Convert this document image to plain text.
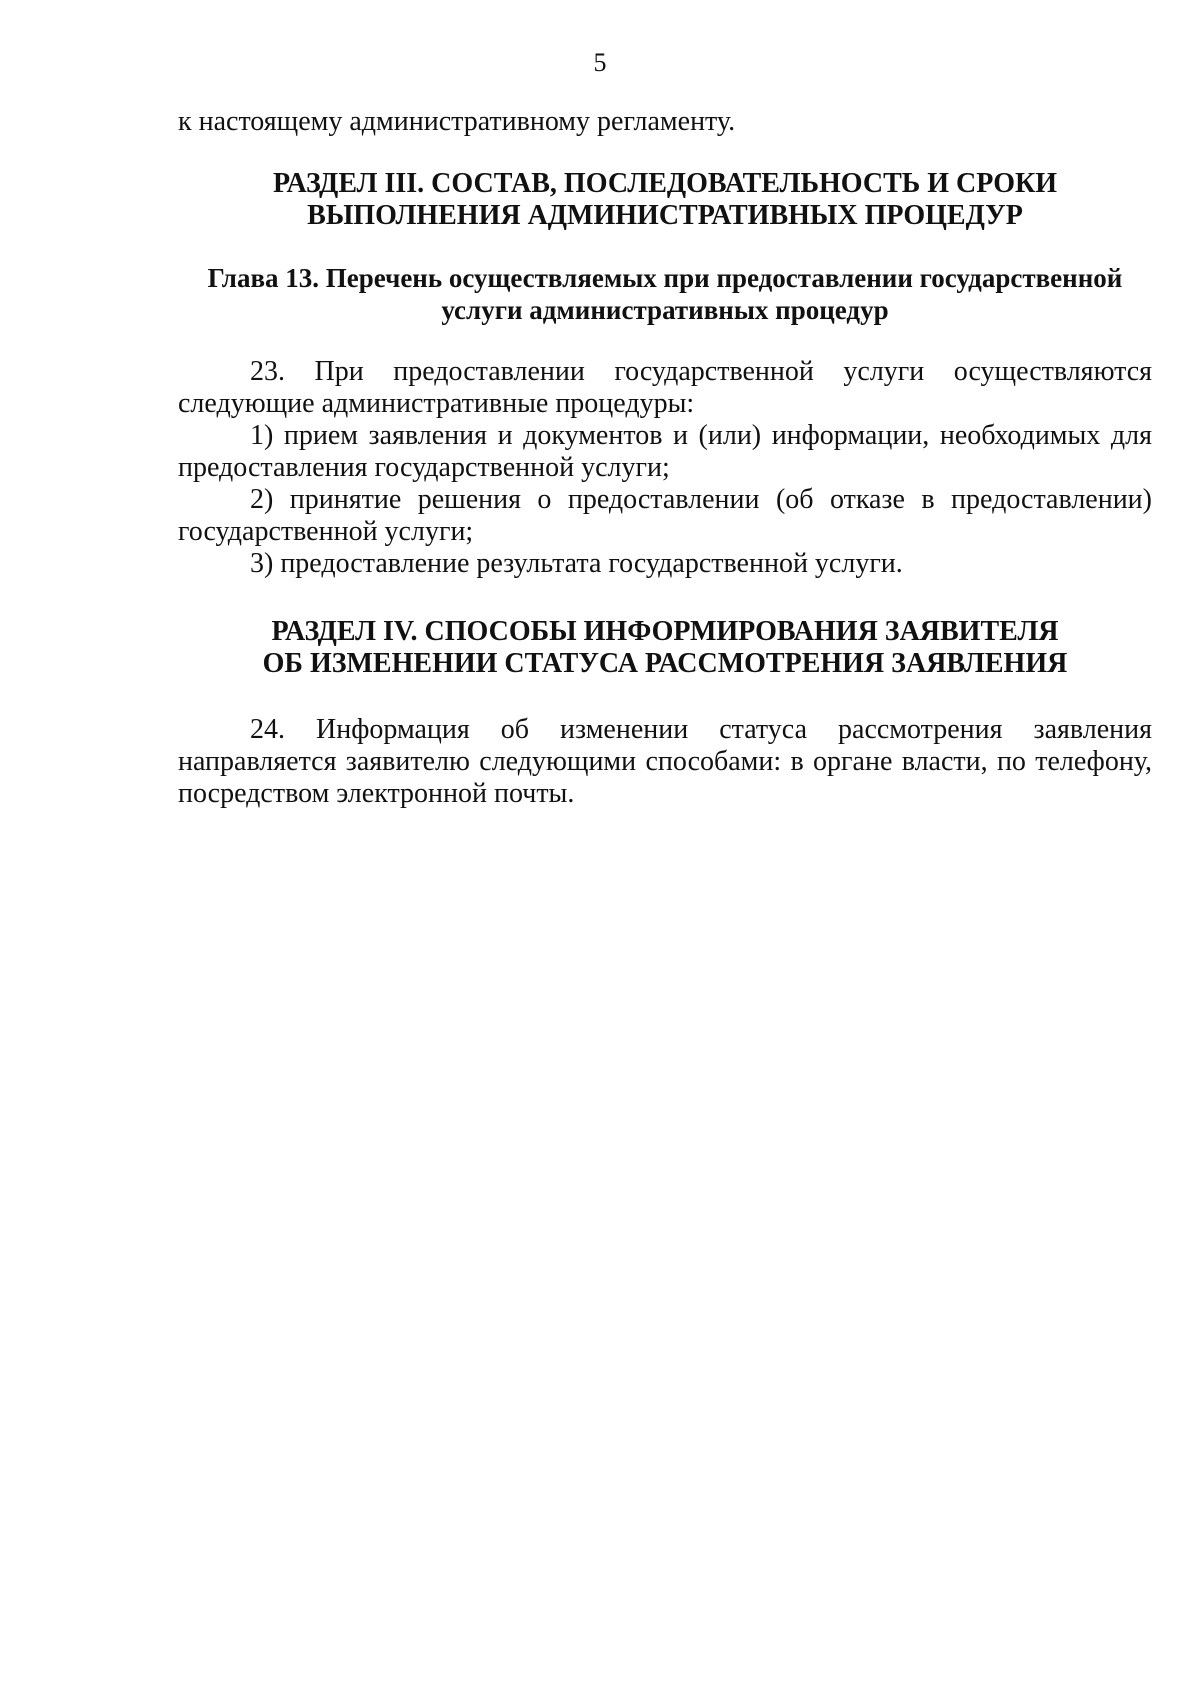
5

к настоящему административному регламенту.

РАЗДЕЛ III. СОСТАВ, ПОСЛЕДОВАТЕЛЬНОСТЬ И СРОКИ
ВЫПОЛНЕНИЯ АДМИНИСТРАТИВНЫХ ПРОЦЕДУР
Глава 13. Перечень осуществляемых при предоставлении государственной
услуги административных процедур

23. При предоставлении государственной услуги осуществляются следующие административные процедуры:

1) прием заявления и документов и (или) информации, необходимых для предоставления государственной услуги;

2) принятие решения о предоставлении (об отказе в предоставлении) государственной услуги;

3) предоставление результата государственной услуги.

РАЗДЕЛ IV. СПОСОБЫ ИНФОРМИРОВАНИЯ ЗАЯВИТЕЛЯ
ОБ ИЗМЕНЕНИИ СТАТУСА РАССМОТРЕНИЯ ЗАЯВЛЕНИЯ

24. Информация об изменении статуса рассмотрения заявления направляется заявителю следующими способами: в органе власти, по телефону, посредством электронной почты.
